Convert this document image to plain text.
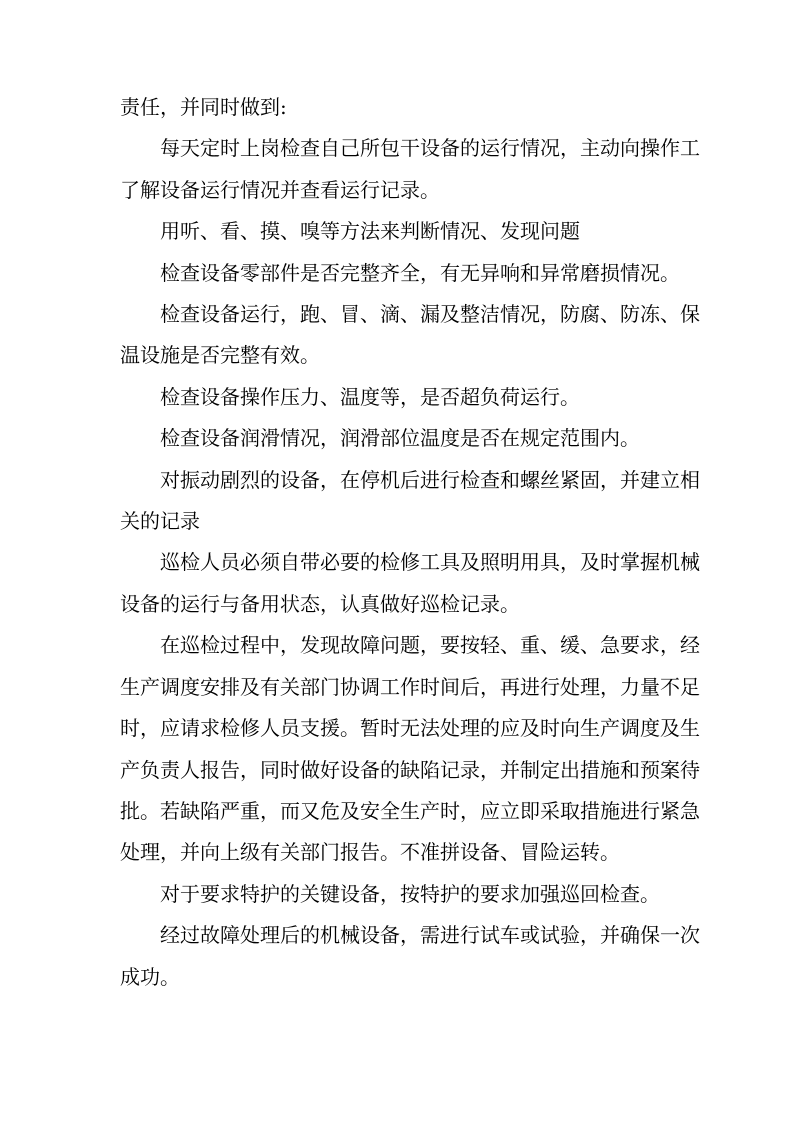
责任，并同时做到:

每天定时上岗检查自己所包干设备的运行情况，主动向操作工
了解设备运行情况并查看运行记录。

用听、看、摸、嗅等方法来判断情况、发现问题

检查设备零部件是否完整齐全，有无异响和异常磨损情况。

检查设备运行，跑、冒、滴、漏及整洁情况，防腐、防冻、保
温设施是否完整有效。

检查设备操作压力、温度等，是否超负荷运行。

检查设备润滑情况，润滑部位温度是否在规定范围内。

对振动剧烈的设备，在停机后进行检查和螺丝紧固，并建立相
关的记录

巡检人员必须自带必要的检修工具及照明用具，及时掌握机械
设备的运行与备用状态，认真做好巡检记录。

在巡检过程中，发现故障问题，要按轻、重、缓、急要求，经
生产调度安排及有关部门协调工作时间后，再进行处理，力量不足
时，应请求检修人员支援。暂时无法处理的应及时向生产调度及生
产负责人报告，同时做好设备的缺陷记录，并制定出措施和预案待
批。若缺陷严重，而又危及安全生产时，应立即采取措施进行紧急
处理，并向上级有关部门报告。不准拼设备、冒险运转。

对于要求特护的关键设备，按特护的要求加强巡回检查。

经过故障处理后的机械设备，需进行试车或试验，并确保一次
成功。
